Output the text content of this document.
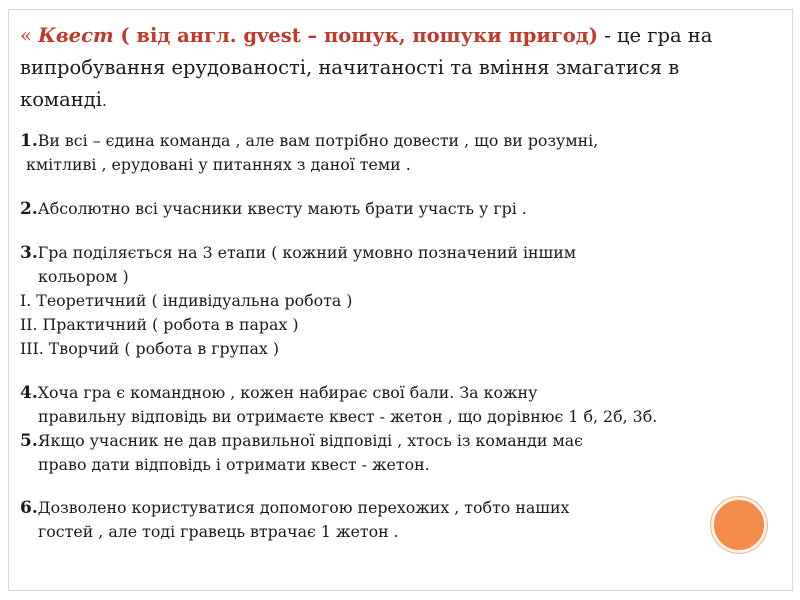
« Квест ( від англ. gvest – пошук, пошуки пригод) - це гра на випробування ерудованості, начитаності та вміння змагатися в команді.

1.Ви всі – єдина команда , але вам потрібно довести , що ви розумні,
кмітливі , ерудовані у питаннях з даної теми .
2.Абсолютно всі учасники квесту мають брати участь у грі .
3.Гра поділяється на 3 етапи ( кожний умовно позначений іншим
кольором )
I. Теоретичний ( індивідуальна робота )
II. Практичний ( робота в парах )
III. Творчий ( робота в групах )
4.Хоча гра є командною , кожен набирає свої бали. За кожну
правильну відповідь ви отримаєте квест - жетон , що дорівнює 1 б, 2б, 3б.
5.Якщо учасник не дав правильної відповіді , хтось із команди має
право дати відповідь і отримати квест - жетон.
6.Дозволено користуватися допомогою перехожих , тобто наших
гостей , але тоді гравець втрачає 1 жетон .
